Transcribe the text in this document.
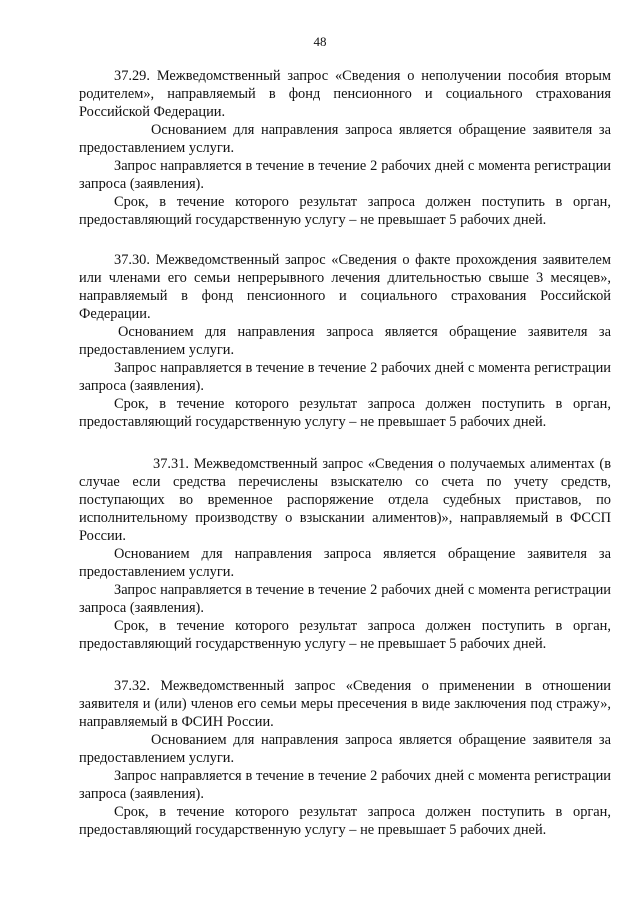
48

37.29. Межведомственный запрос «Сведения о неполучении пособия вторым родителем», направляемый в фонд пенсионного и социального страхования Российской Федерации.

Основанием для направления запроса является обращение заявителя за предоставлением услуги.

Запрос направляется в течение в течение 2 рабочих дней с момента регистрации запроса (заявления).

Срок, в течение которого результат запроса должен поступить в орган, предоставляющий государственную услугу – не превышает 5 рабочих дней.

37.30. Межведомственный запрос «Сведения о факте прохождения заявителем или членами его семьи непрерывного лечения длительностью свыше 3 месяцев», направляемый в фонд пенсионного и социального страхования Российской Федерации.

Основанием для направления запроса является обращение заявителя за предоставлением услуги.

Запрос направляется в течение в течение 2 рабочих дней с момента регистрации запроса (заявления).

Срок, в течение которого результат запроса должен поступить в орган, предоставляющий государственную услугу – не превышает 5 рабочих дней.

37.31. Межведомственный запрос «Сведения о получаемых алиментах (в случае если средства перечислены взыскателю со счета по учету средств, поступающих во временное распоряжение отдела судебных приставов, по исполнительному производству о взыскании алиментов)», направляемый в ФССП России.

Основанием для направления запроса является обращение заявителя за предоставлением услуги.

Запрос направляется в течение в течение 2 рабочих дней с момента регистрации запроса (заявления).

Срок, в течение которого результат запроса должен поступить в орган, предоставляющий государственную услугу – не превышает 5 рабочих дней.

37.32. Межведомственный запрос «Сведения о применении в отношении заявителя и (или) членов его семьи меры пресечения в виде заключения под стражу», направляемый в ФСИН России.

Основанием для направления запроса является обращение заявителя за предоставлением услуги.

Запрос направляется в течение в течение 2 рабочих дней с момента регистрации запроса (заявления).

Срок, в течение которого результат запроса должен поступить в орган, предоставляющий государственную услугу – не превышает 5 рабочих дней.
